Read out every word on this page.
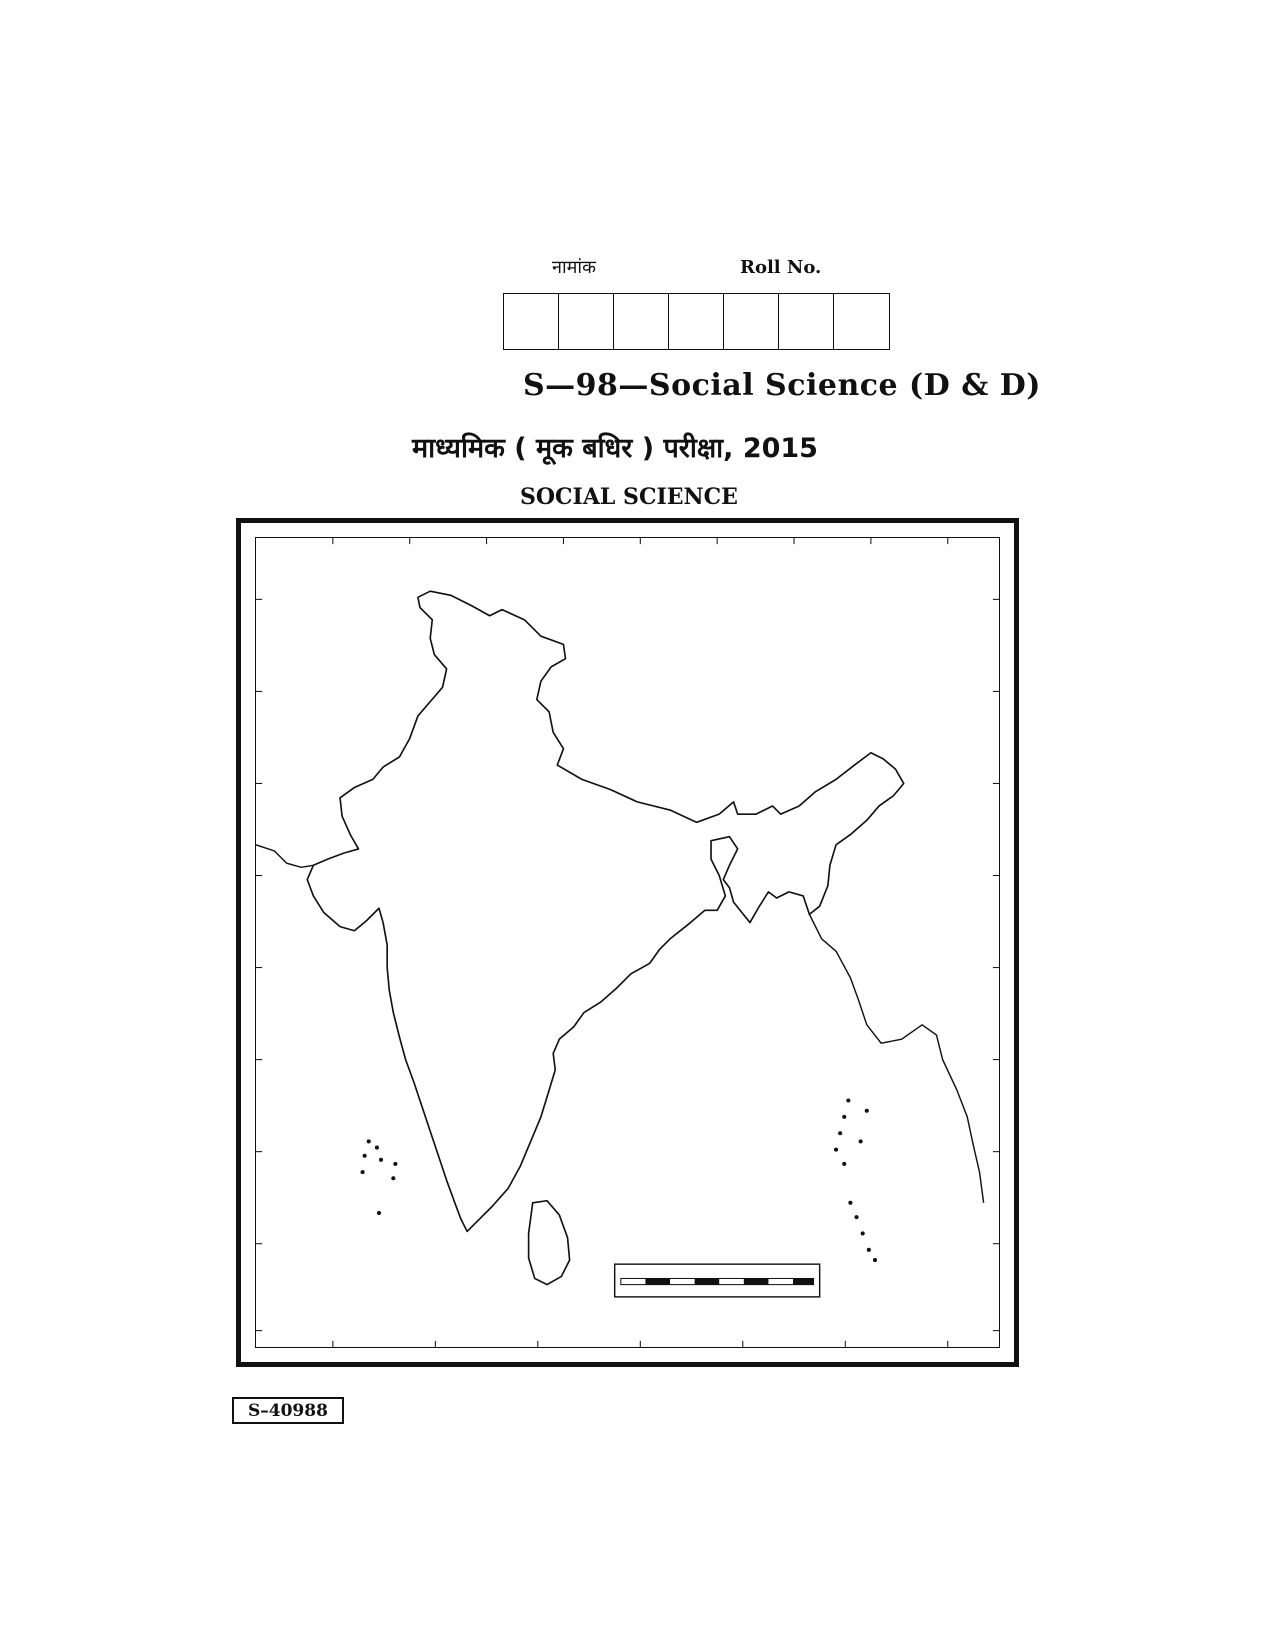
नामांक	Roll No.
S—98—Social Science (D & D)
माध्यमिक ( मूक बधिर ) परीक्षा, 2015
SOCIAL SCIENCE
S–40988
